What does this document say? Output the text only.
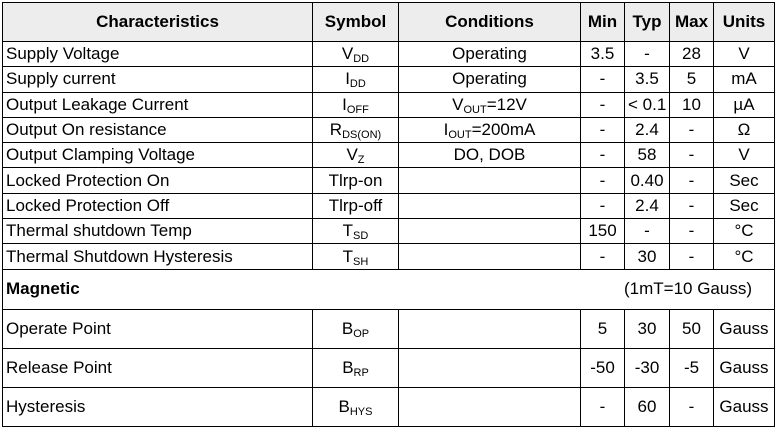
Characteristics	Symbol	Conditions	Min	Typ	Max	Units
Supply Voltage	$V_{DD}$	Operating	3.5	-	28	V
Supply current	$I_{DD}$	Operating	-	3.5	5	mA
Output Leakage Current	$I_{OFF}$	$V_{OUT}=12V$	-	< 0.1	10	µA
Output On resistance	$R_{DS(ON)}$	$I_{OUT}=200mA$	-	2.4	-	Ω
Output Clamping Voltage	$V_Z$	DO, DOB	-	58	-	V
Locked Protection On	Tlrp-on		-	0.40	-	Sec
Locked Protection Off	Tlrp-off		-	2.4	-	Sec
Thermal shutdown Temp	$T_{SD}$		150	-	-	°C
Thermal Shutdown Hysteresis	$T_{SH}$		-	30	-	°C
Magnetic	(1mT=10 Gauss)					
Operate Point	$B_{OP}$		5	30	50	Gauss
Release Point	$B_{RP}$		-50	-30	-5	Gauss
Hysteresis	$B_{HYS}$		-	60	-	Gauss
